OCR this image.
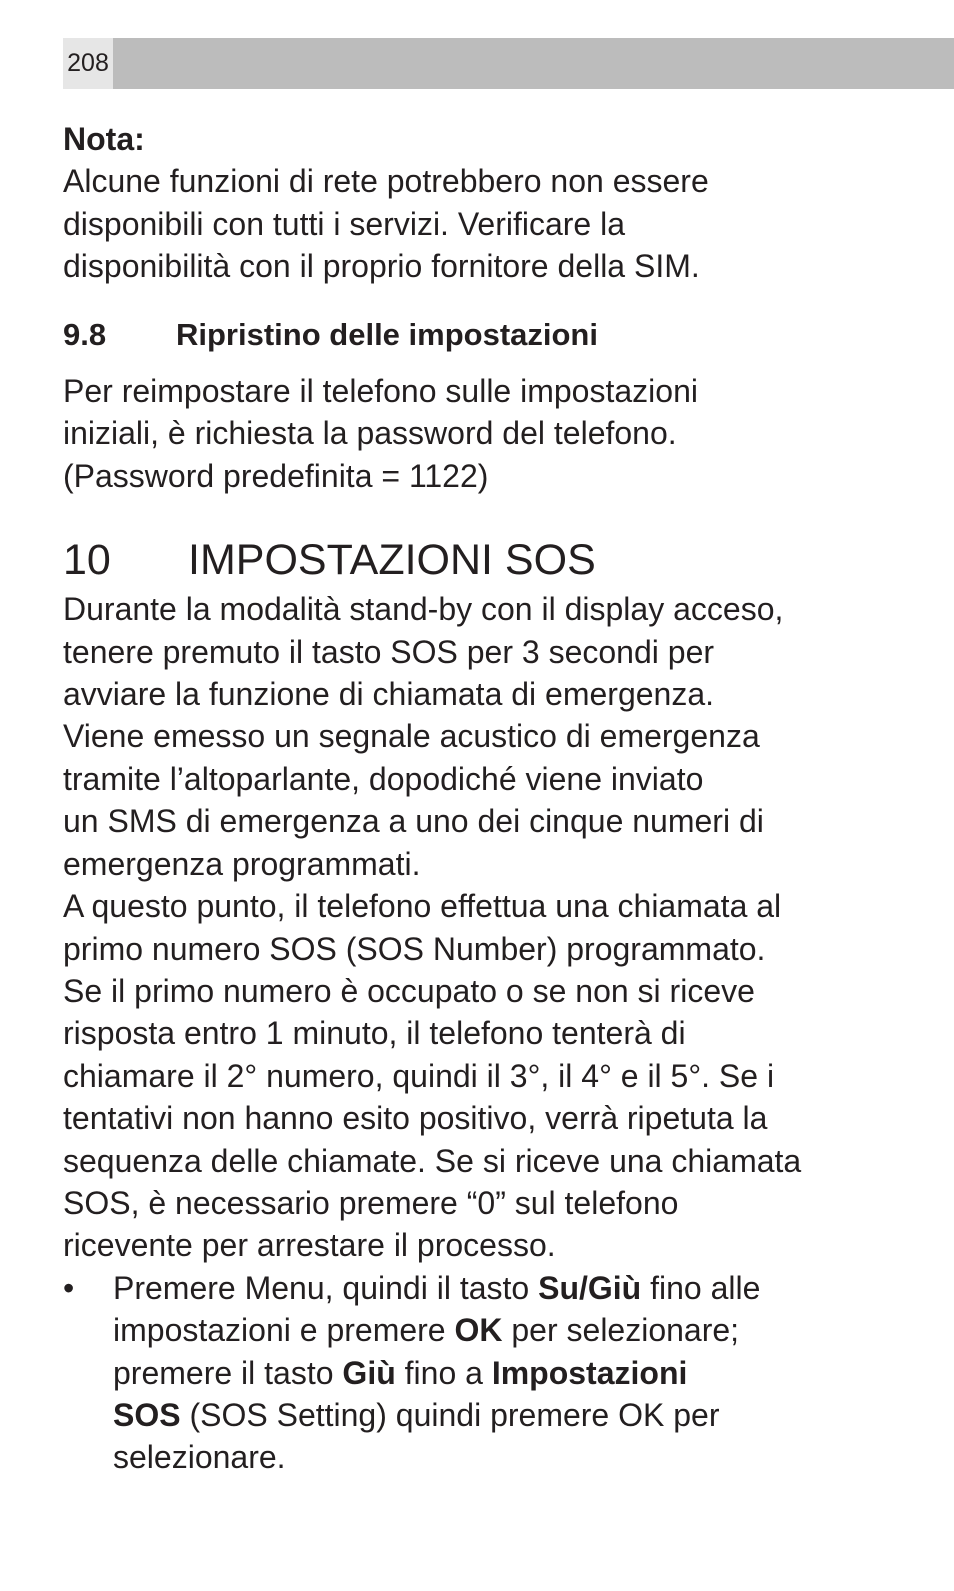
208

Nota:

Alcune funzioni di rete potrebbero non essere

disponibili con tutti i servizi. Verificare la

disponibilità con il proprio fornitore della SIM.

9.8	Ripristino delle impostazioni

Per reimpostare il telefono sulle impostazioni

iniziali, è richiesta la password del telefono.

(Password predefinita = 1122)

10	IMPOSTAZIONI SOS

Durante la modalità stand-by con il display acceso,

tenere premuto il tasto SOS per 3 secondi per

avviare la funzione di chiamata di emergenza.

Viene emesso un segnale acustico di emergenza

tramite l’altoparlante, dopodiché viene inviato

un SMS di emergenza a uno dei cinque numeri di

emergenza programmati.

A questo punto, il telefono effettua una chiamata al

primo numero SOS (SOS Number) programmato.

Se il primo numero è occupato o se non si riceve

risposta entro 1 minuto, il telefono tenterà di

chiamare il 2° numero, quindi il 3°, il 4° e il 5°. Se i

tentativi non hanno esito positivo, verrà ripetuta la

sequenza delle chiamate. Se si riceve una chiamata

SOS, è necessario premere “0” sul telefono

ricevente per arrestare il processo.

•	Premere Menu, quindi il tasto Su/Giù fino alle
impostazioni e premere OK per selezionare;
premere il tasto Giù fino a Impostazioni
SOS (SOS Setting) quindi premere OK per
selezionare.
